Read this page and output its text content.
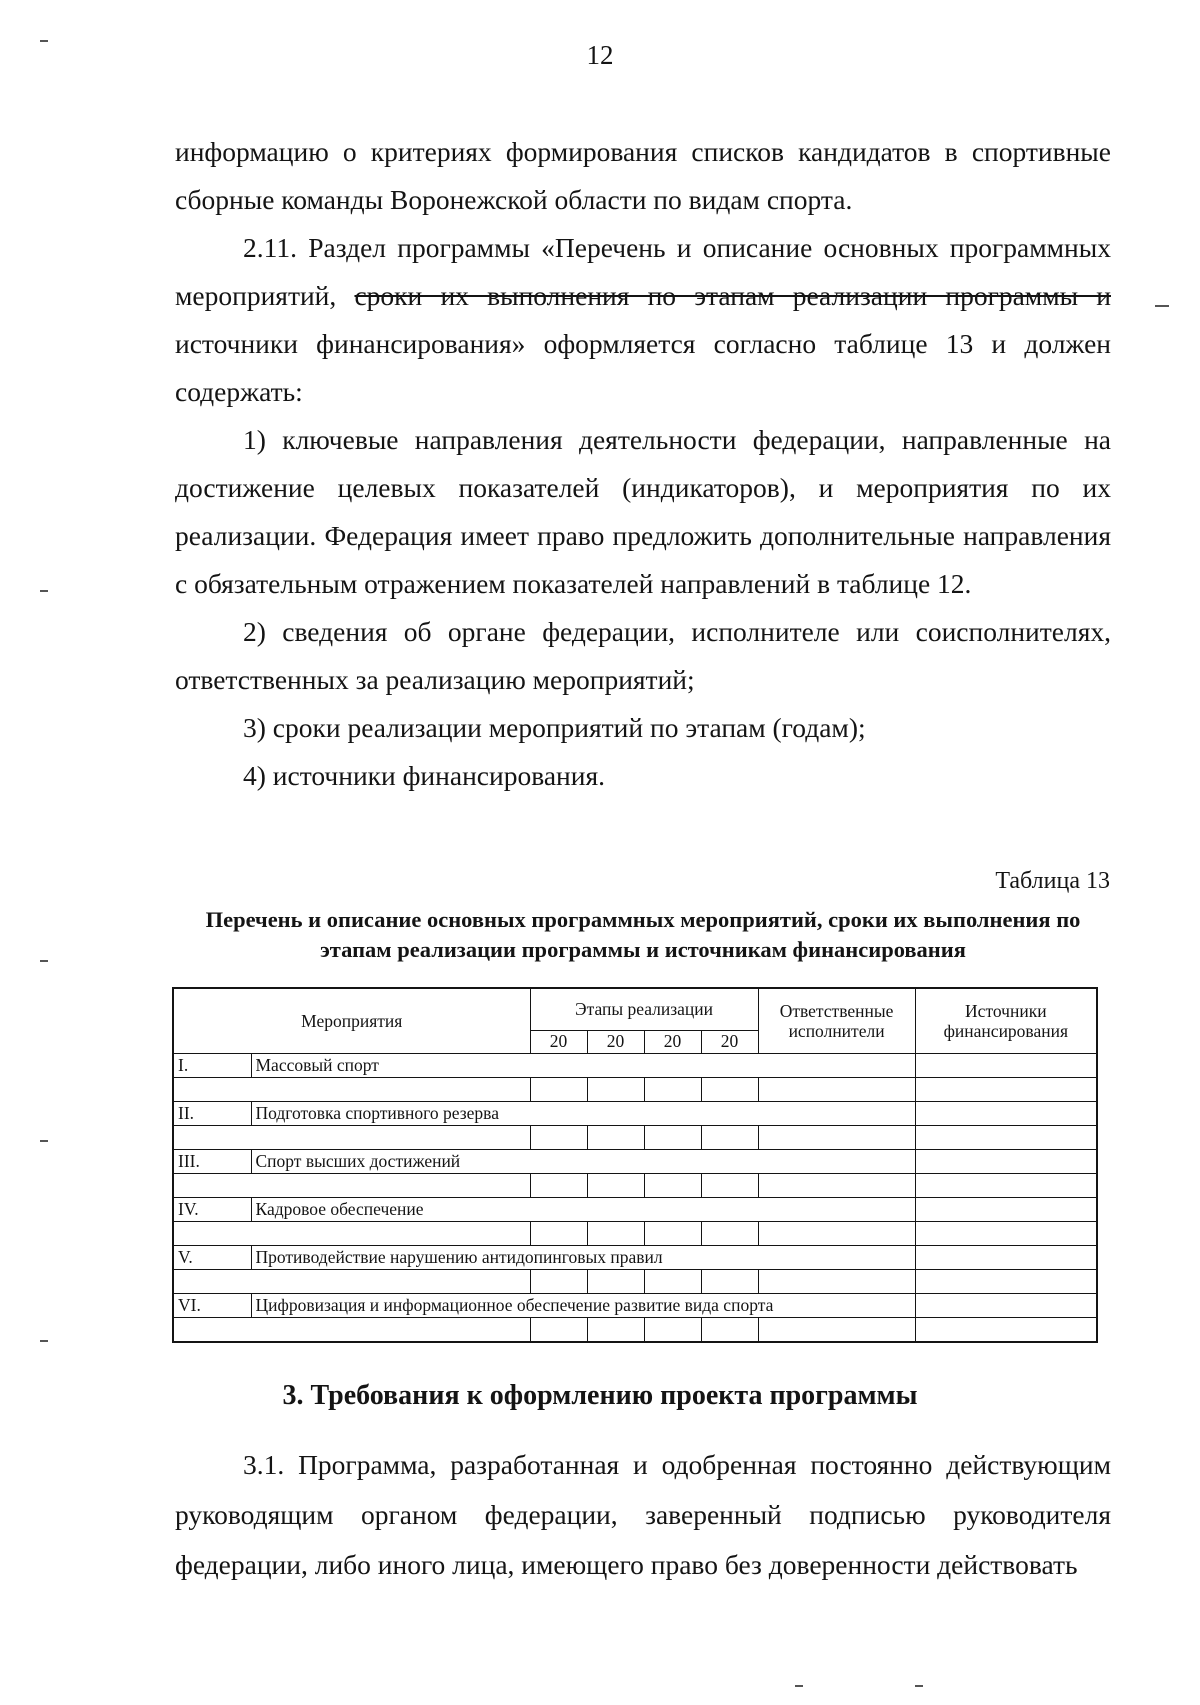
12

информацию о критериях формирования списков кандидатов в спортивные сборные команды Воронежской области по видам спорта.

2.11. Раздел программы «Перечень и описание основных программных мероприятий, сроки их выполнения по этапам реализации программы и источники финансирования» оформляется согласно таблице 13 и должен содержать:

1) ключевые направления деятельности федерации, направленные на достижение целевых показателей (индикаторов), и мероприятия по их реализации. Федерация имеет право предложить дополнительные направления с обязательным отражением показателей направлений в таблице 12.

2) сведения об органе федерации, исполнителе или соисполнителях, ответственных за реализацию мероприятий;

3) сроки реализации мероприятий по этапам (годам);

4) источники финансирования.

Таблица 13
Перечень и описание основных программных мероприятий, сроки их выполнения по этапам реализации программы и источникам финансирования
Мероприятия		Этапы реализации				Ответственные исполнители	Источники финансирования
		20	20	20	20		
I.	Массовый спорт						

II.	Подготовка спортивного резерва						

III.	Спорт высших достижений						

IV.	Кадровое обеспечение						

V.	Противодействие нарушению антидопинговых правил						

VI.	Цифровизация и информационное обеспечение развитие вида спорта						

3. Требования к оформлению проекта программы

3.1. Программа, разработанная и одобренная постоянно действующим руководящим органом федерации, заверенный подписью руководителя федерации, либо иного лица, имеющего право без доверенности действовать
